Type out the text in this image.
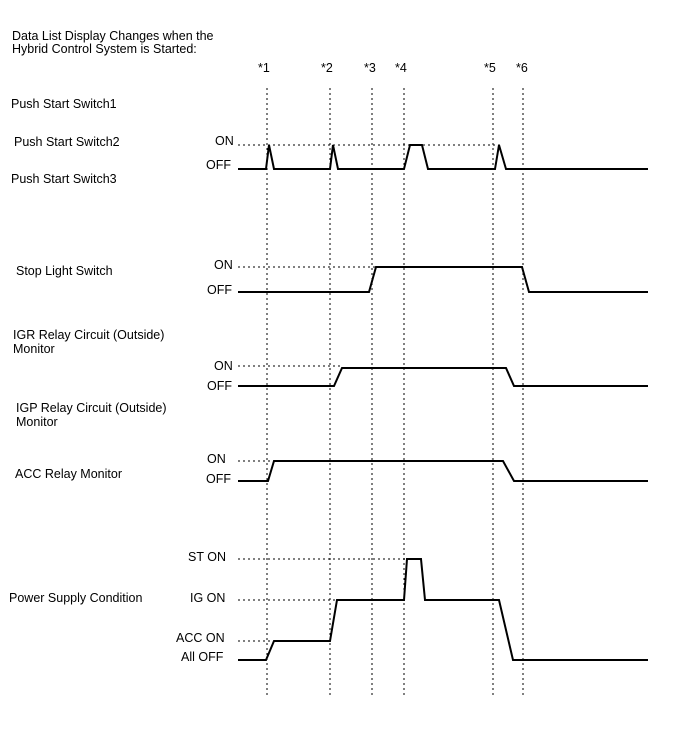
Data List Display Changes when the
Hybrid Control System is Started:
*1	*2 *3 *4	*5 *6
Push Start Switch1
Push Start Switch2
Push Start Switch3
Stop Light Switch
IGR Relay Circuit (Outside)
Monitor
IGP Relay Circuit (Outside)
Monitor
ACC Relay Monitor
Power Supply Condition
ON
OFF
ON
OFF
ON
OFF
ON
OFF
ST ON
IG ON
ACC ON
All OFF
